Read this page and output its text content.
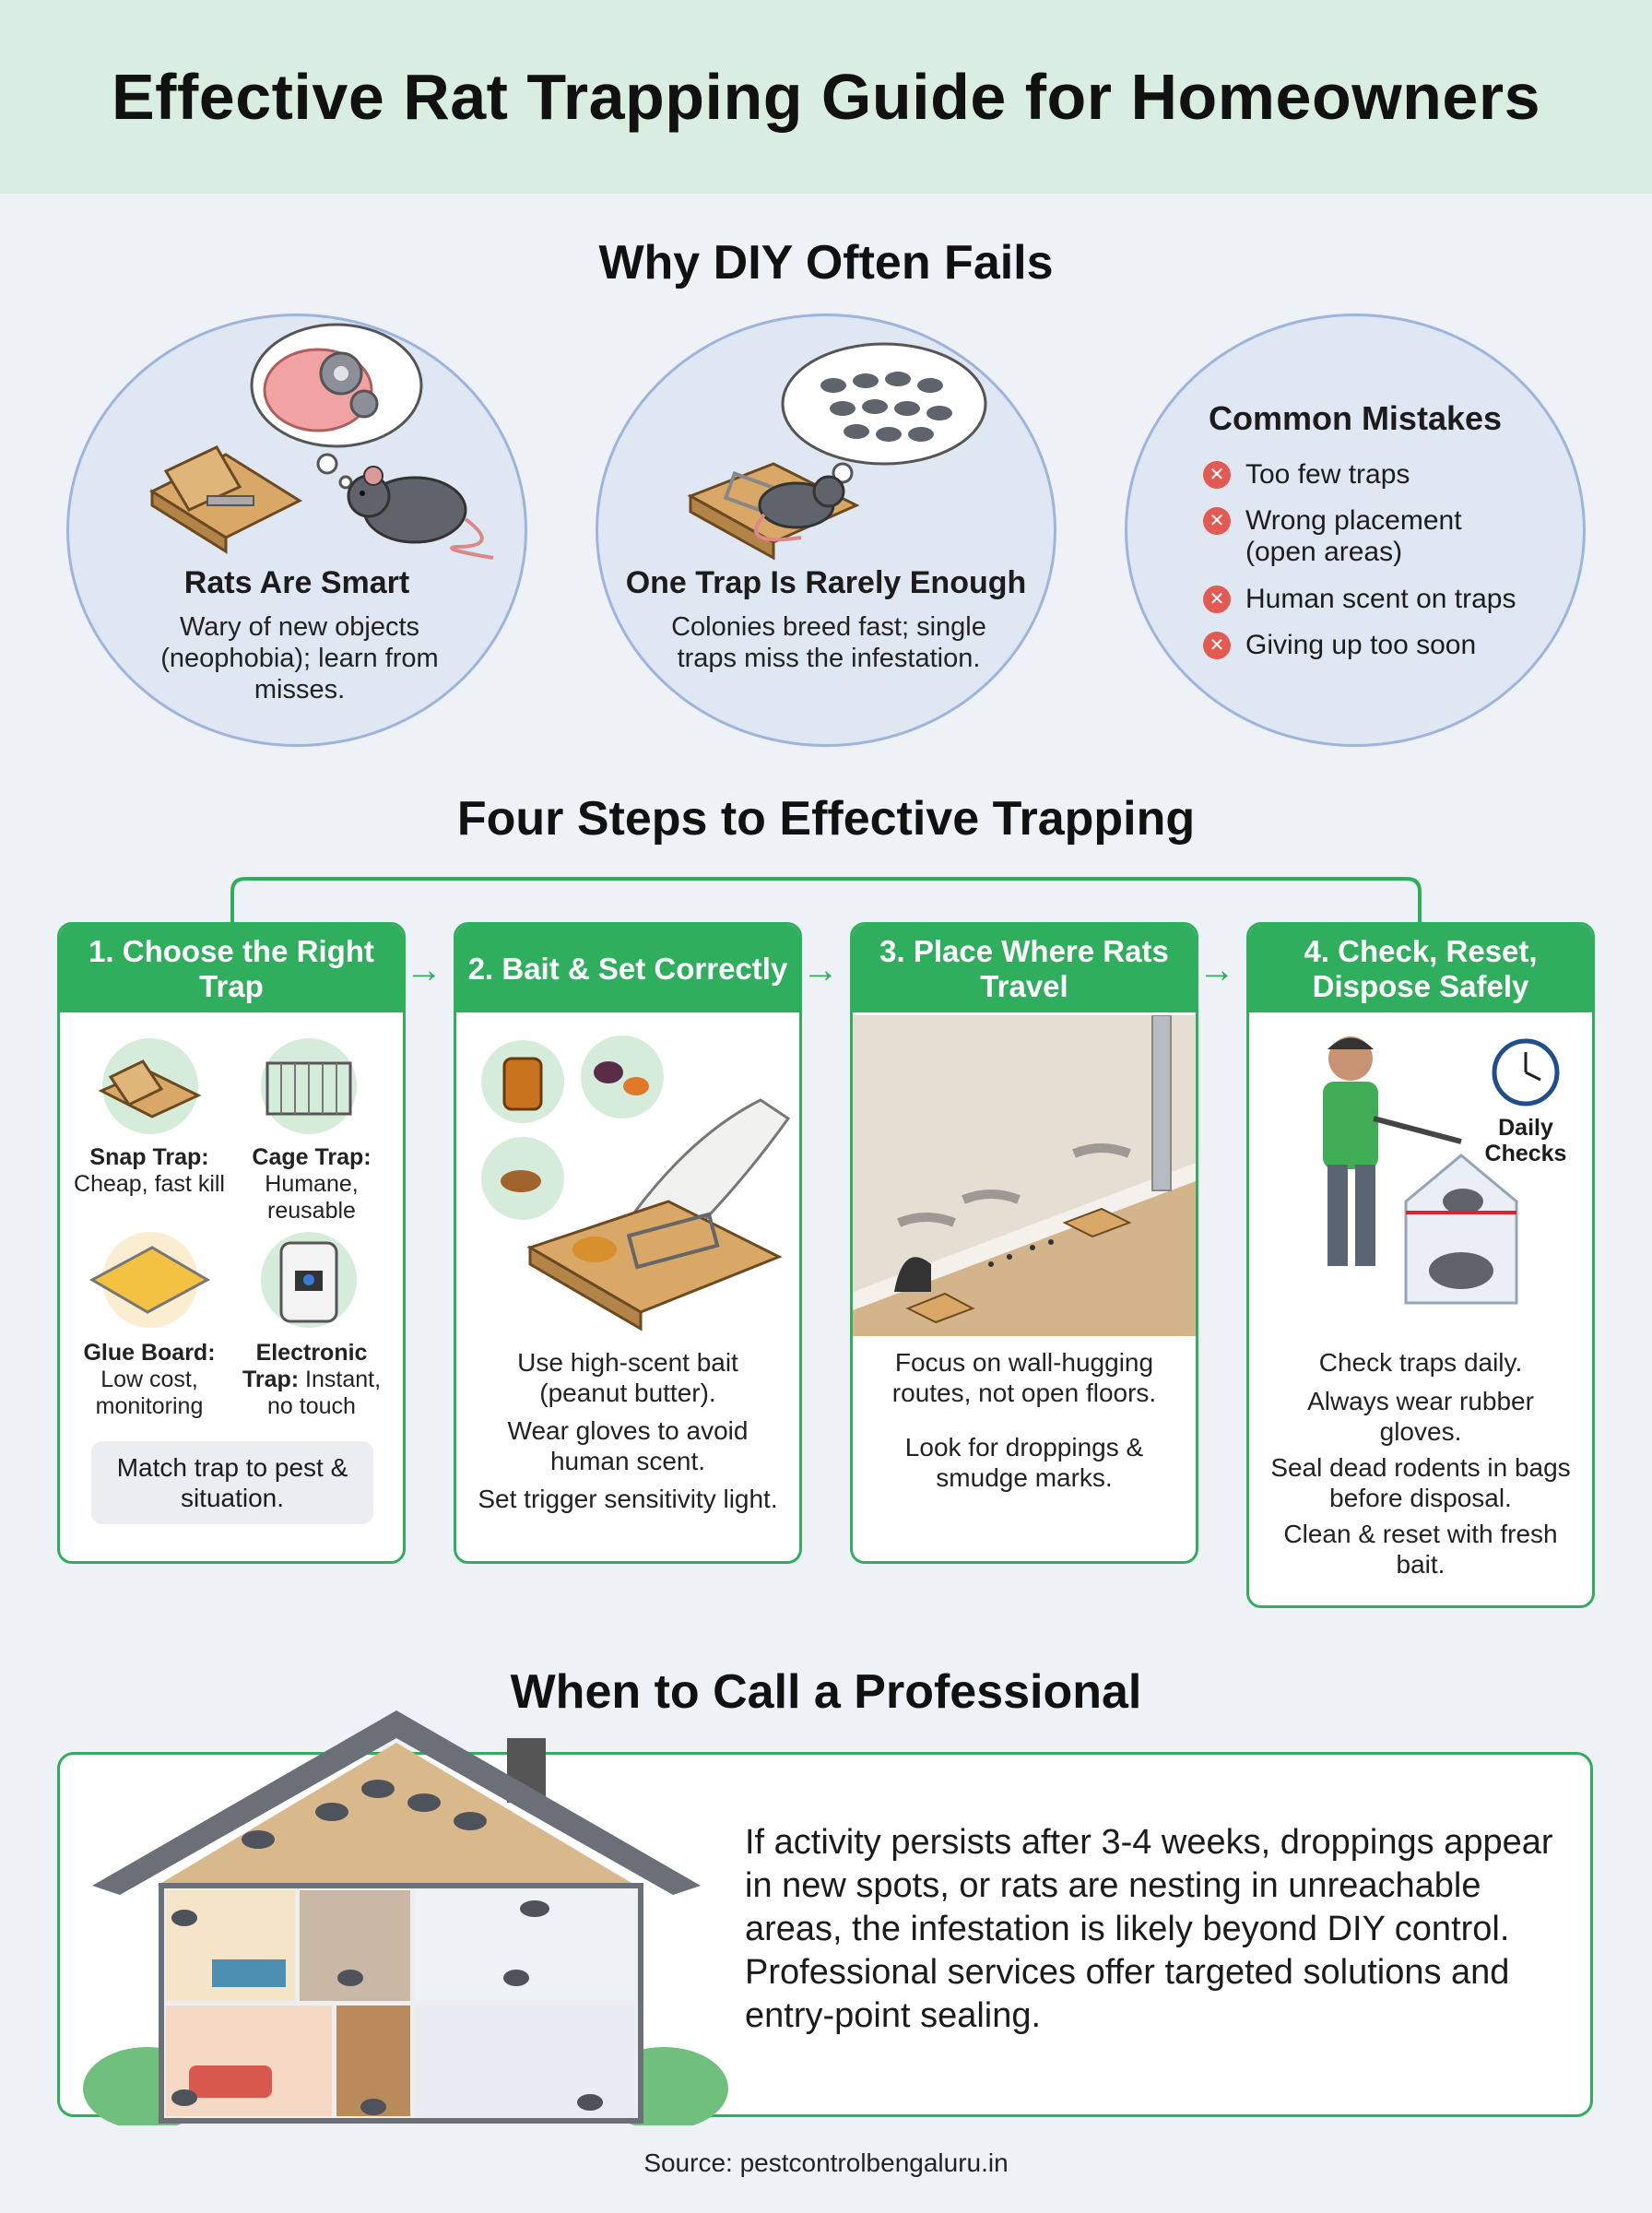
Effective Rat Trapping Guide for Homeowners
Why DIY Often Fails
Rats Are Smart
Wary of new objects (neophobia); learn from misses.
One Trap Is Rarely Enough
Colonies breed fast; single traps miss the infestation.
Common Mistakes
✕ Too few traps
✕ Wrong placement (open areas)
✕ Human scent on traps
✕ Giving up too soon
Four Steps to Effective Trapping
→	→	→
1. Choose the Right Trap
Snap Trap:
Cheap, fast kill
Cage Trap:
Humane, reusable
Glue Board:
Low cost, monitoring
Electronic Trap: Instant, no touch
Match trap to pest & situation.
2. Bait & Set Correctly
Use high-scent bait (peanut butter).
Wear gloves to avoid human scent.
Set trigger sensitivity light.
3. Place Where Rats Travel
Focus on wall-hugging routes, not open floors.
Look for droppings & smudge marks.
4. Check, Reset, Dispose Safely
Daily Checks
Check traps daily.
Always wear rubber gloves.
Seal dead rodents in bags before disposal.
Clean & reset with fresh bait.
When to Call a Professional
If activity persists after 3-4 weeks, droppings appear in new spots, or rats are nesting in unreachable areas, the infestation is likely beyond DIY control. Professional services offer targeted solutions and entry-point sealing.
Source: pestcontrolbengaluru.in
